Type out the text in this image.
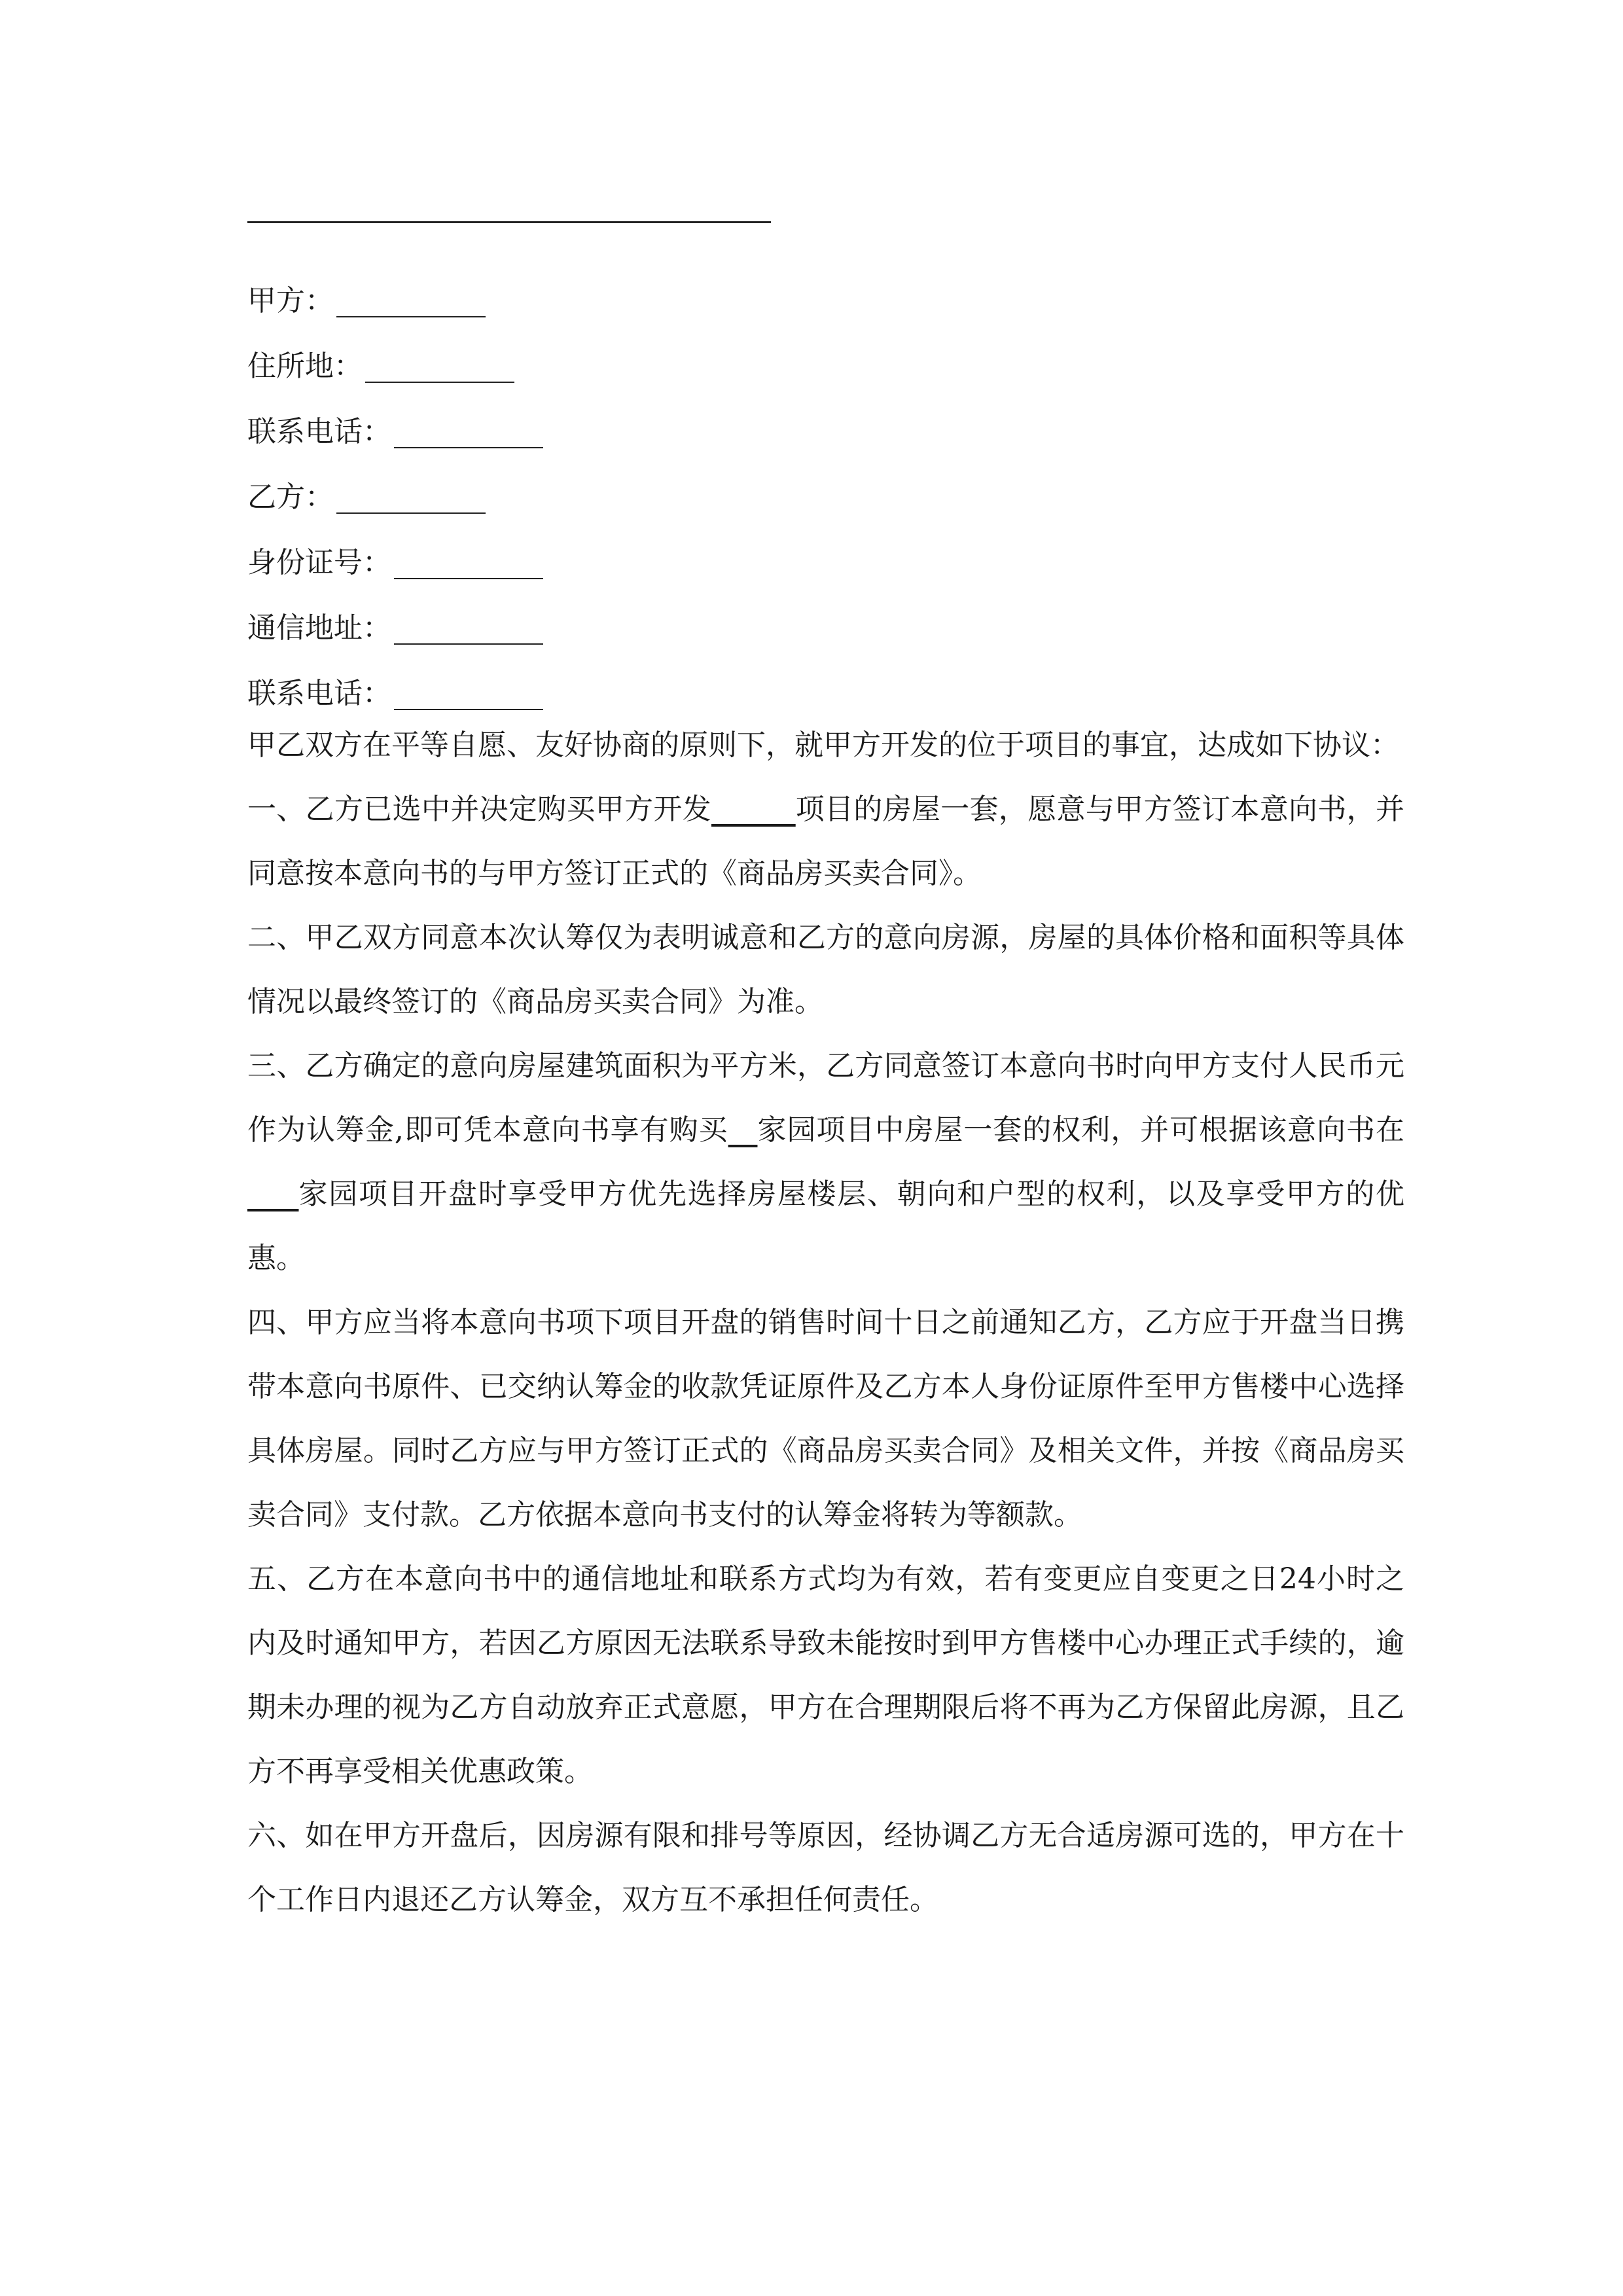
甲方：
住所地：
联系电话：
乙方：
身份证号：
通信地址：
联系电话：

甲乙双方在平等自愿、友好协商的原则下，就甲方开发的位于项目的事宜，达成如下协议：

一、乙方已选中并决定购买甲方开发	项目的房屋一套，愿意与甲方签订本意向书，并同意按本意向书的与甲方签订正式的《商品房买卖合同》。

二、甲乙双方同意本次认筹仅为表明诚意和乙方的意向房源，房屋的具体价格和面积等具体情况以最终签订的《商品房买卖合同》为准。

三、乙方确定的意向房屋建筑面积为平方米，乙方同意签订本意向书时向甲方支付人民币元作为认筹金,即可凭本意向书享有购买 家园项目中房屋一套的权利，并可根据该意向书在     家园项目开盘时享受甲方优先选择房屋楼层、朝向和户型的权利，以及享受甲方的优惠。

四、甲方应当将本意向书项下项目开盘的销售时间十日之前通知乙方，乙方应于开盘当日携带本意向书原件、已交纳认筹金的收款凭证原件及乙方本人身份证原件至甲方售楼中心选择具体房屋。同时乙方应与甲方签订正式的《商品房买卖合同》及相关文件，并按《商品房买卖合同》支付款。乙方依据本意向书支付的认筹金将转为等额款。

五、乙方在本意向书中的通信地址和联系方式均为有效，若有变更应自变更之日24小时之内及时通知甲方，若因乙方原因无法联系导致未能按时到甲方售楼中心办理正式手续的，逾期未办理的视为乙方自动放弃正式意愿，甲方在合理期限后将不再为乙方保留此房源，且乙方不再享受相关优惠政策。

六、如在甲方开盘后，因房源有限和排号等原因，经协调乙方无合适房源可选的，甲方在十个工作日内退还乙方认筹金，双方互不承担任何责任。
